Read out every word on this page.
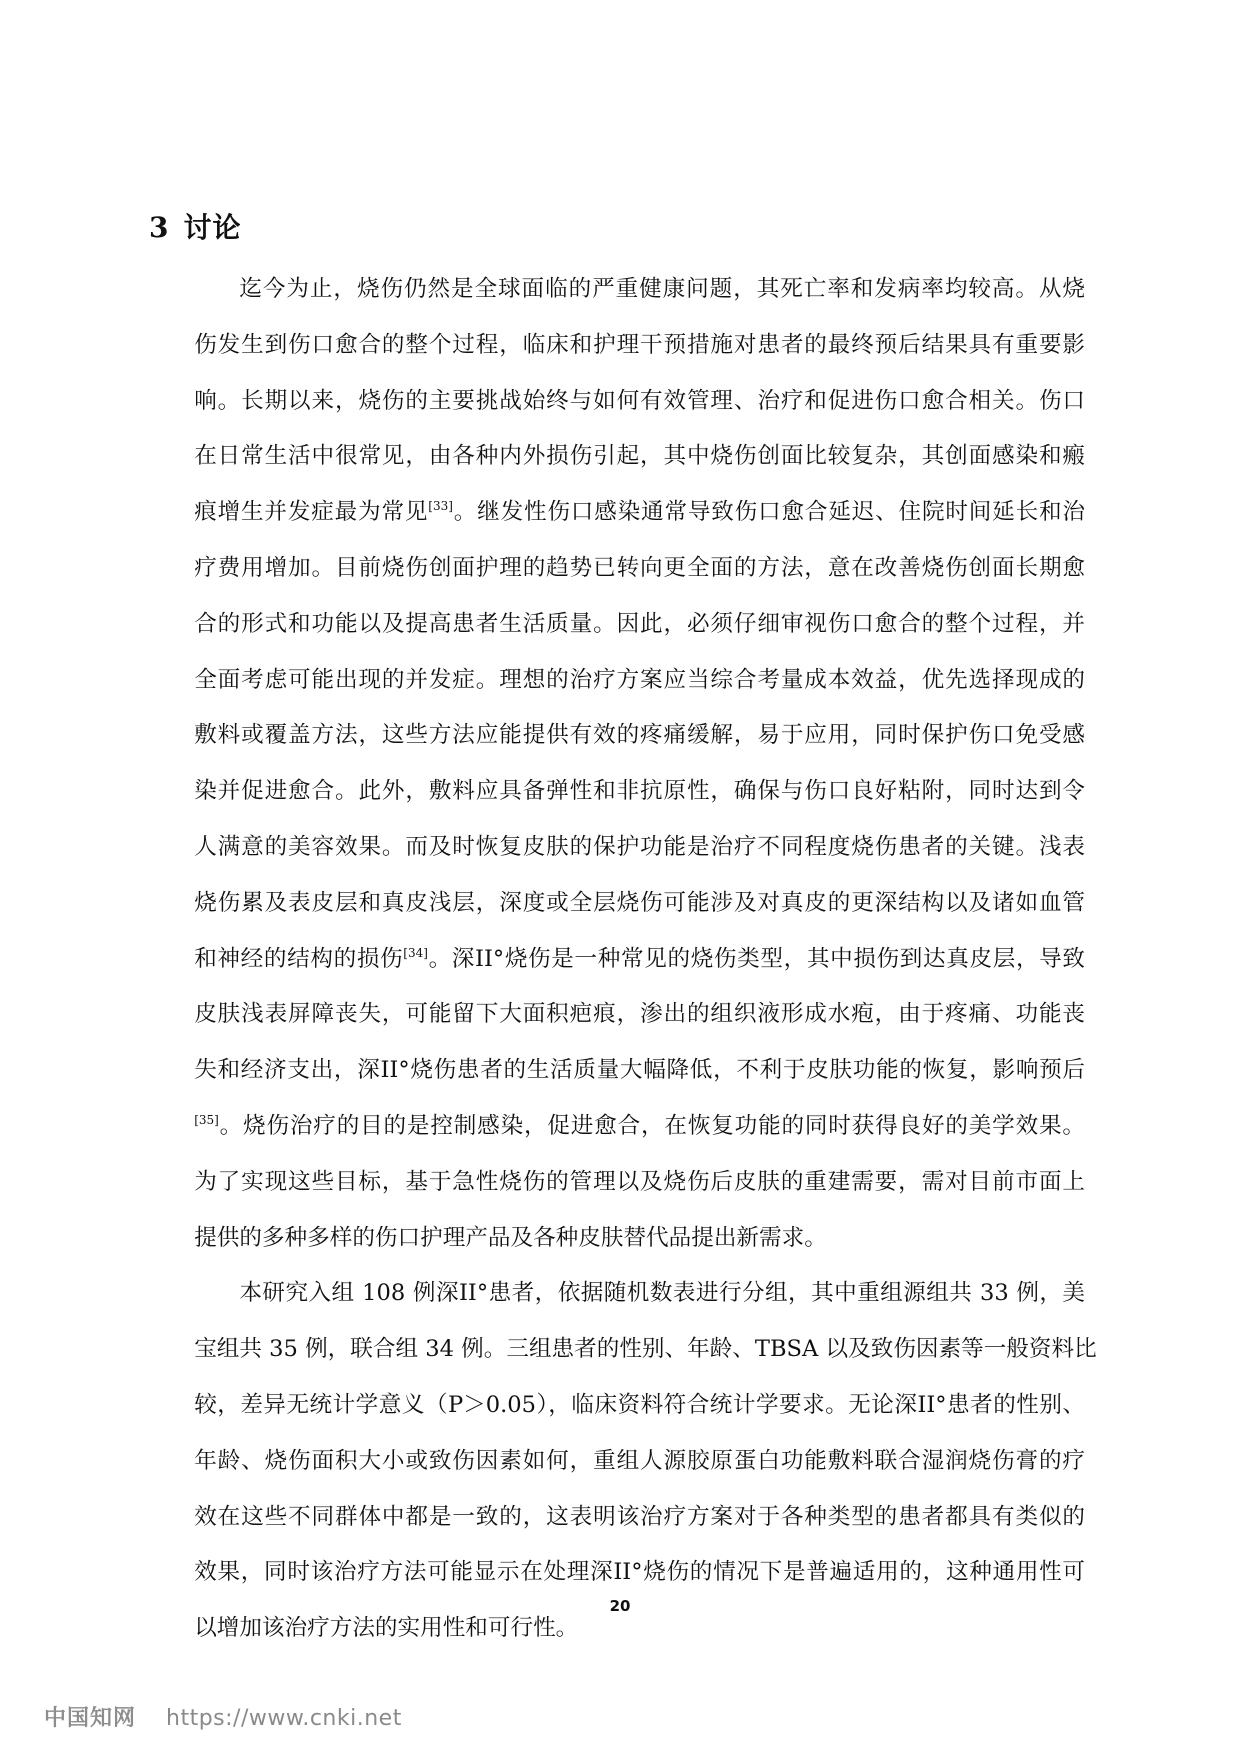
3 讨论
迄今为止，烧伤仍然是全球面临的严重健康问题，其死亡率和发病率均较高。从烧
伤发生到伤口愈合的整个过程，临床和护理干预措施对患者的最终预后结果具有重要影
响。长期以来，烧伤的主要挑战始终与如何有效管理、治疗和促进伤口愈合相关。伤口
在日常生活中很常见，由各种内外损伤引起，其中烧伤创面比较复杂，其创面感染和瘢
痕增生并发症最为常见[33]。继发性伤口感染通常导致伤口愈合延迟、住院时间延长和治
疗费用增加。目前烧伤创面护理的趋势已转向更全面的方法，意在改善烧伤创面长期愈
合的形式和功能以及提高患者生活质量。因此，必须仔细审视伤口愈合的整个过程，并
全面考虑可能出现的并发症。理想的治疗方案应当综合考量成本效益，优先选择现成的
敷料或覆盖方法，这些方法应能提供有效的疼痛缓解，易于应用，同时保护伤口免受感
染并促进愈合。此外，敷料应具备弹性和非抗原性，确保与伤口良好粘附，同时达到令
人满意的美容效果。而及时恢复皮肤的保护功能是治疗不同程度烧伤患者的关键。浅表
烧伤累及表皮层和真皮浅层，深度或全层烧伤可能涉及对真皮的更深结构以及诸如血管
和神经的结构的损伤[34]。深II°烧伤是一种常见的烧伤类型，其中损伤到达真皮层，导致
皮肤浅表屏障丧失，可能留下大面积疤痕，渗出的组织液形成水疱，由于疼痛、功能丧
失和经济支出，深II°烧伤患者的生活质量大幅降低，不利于皮肤功能的恢复，影响预后
[35]。烧伤治疗的目的是控制感染，促进愈合，在恢复功能的同时获得良好的美学效果。
为了实现这些目标，基于急性烧伤的管理以及烧伤后皮肤的重建需要，需对目前市面上
提供的多种多样的伤口护理产品及各种皮肤替代品提出新需求。
本研究入组 108 例深II°患者，依据随机数表进行分组，其中重组源组共 33 例，美
宝组共 35 例，联合组 34 例。三组患者的性别、年龄、TBSA 以及致伤因素等一般资料比
较，差异无统计学意义（P＞0.05），临床资料符合统计学要求。无论深II°患者的性别、
年龄、烧伤面积大小或致伤因素如何，重组人源胶原蛋白功能敷料联合湿润烧伤膏的疗
效在这些不同群体中都是一致的，这表明该治疗方案对于各种类型的患者都具有类似的
效果，同时该治疗方法可能显示在处理深II°烧伤的情况下是普遍适用的，这种通用性可
以增加该治疗方法的实用性和可行性。
20
中国知网 https://www.cnki.net
